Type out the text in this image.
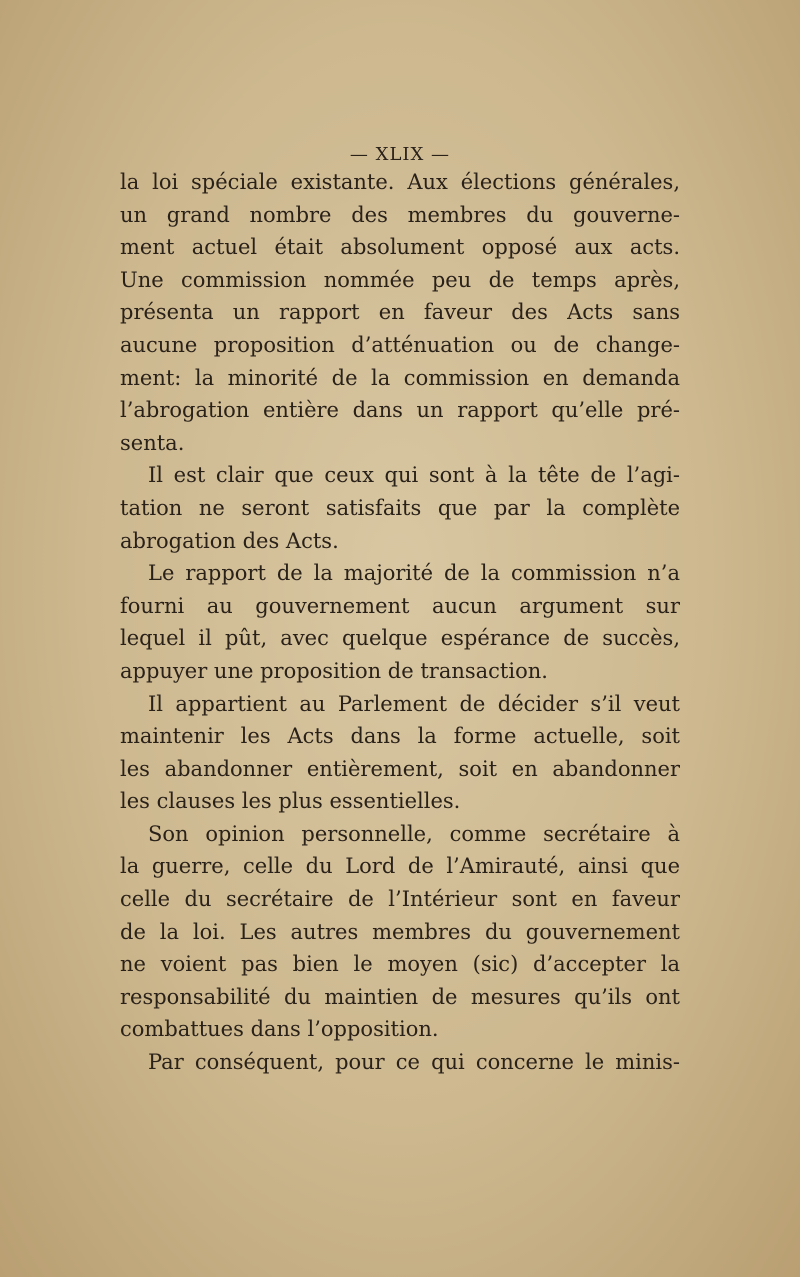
— XLIX —
la loi spéciale existante. Aux élections générales,
un grand nombre des membres du gouverne-
ment actuel était absolument opposé aux acts.
Une commission nommée peu de temps après,
présenta un rapport en faveur des Acts sans
aucune proposition d’atténuation ou de change-
ment: la minorité de la commission en demanda
l’abrogation entière dans un rapport qu’elle pré-
senta.
Il est clair que ceux qui sont à la tête de l’agi-
tation ne seront satisfaits que par la complète
abrogation des Acts.
Le rapport de la majorité de la commission n’a
fourni au gouvernement aucun argument sur
lequel il pût, avec quelque espérance de succès,
appuyer une proposition de transaction.
Il appartient au Parlement de décider s’il veut
maintenir les Acts dans la forme actuelle, soit
les abandonner entièrement, soit en abandonner
les clauses les plus essentielles.
Son opinion personnelle, comme secrétaire à
la guerre, celle du Lord de l’Amirauté, ainsi que
celle du secrétaire de l’Intérieur sont en faveur
de la loi. Les autres membres du gouvernement
ne voient pas bien le moyen (sic) d’accepter la
responsabilité du maintien de mesures qu’ils ont
combattues dans l’opposition.
Par conséquent, pour ce qui concerne le minis-
